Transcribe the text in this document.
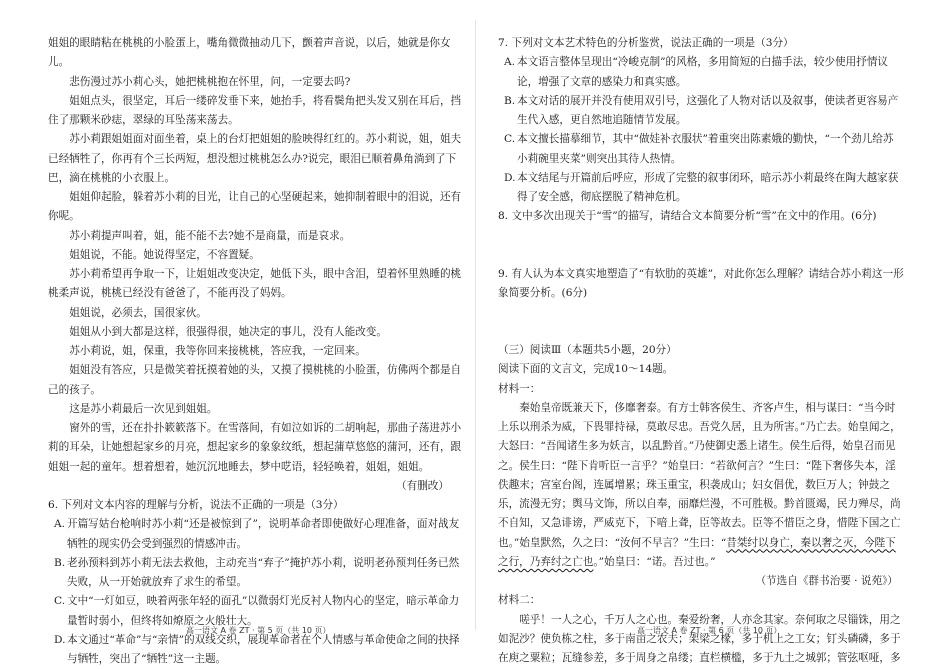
姐姐的眼睛粘在桃桃的小脸蛋上，嘴角微微抽动几下，颤着声音说，以后，她就是你女儿。

悲伤漫过苏小莉心头，她把桃桃抱在怀里，问，一定要去吗?

姐姐点头，很坚定，耳后一缕碎发垂下来，她抬手，将看鬓角把头发又别在耳后，挡住了那颗米砂痣，翠绿的耳坠荡来荡去。

苏小莉跟姐姐面对面坐着，桌上的台灯把姐姐的脸映得红红的。苏小莉说，姐，姐夫已经牺牲了，你再有个三长两短，想没想过桃桃怎么办?说完，眼泪已顺着鼻角淌到了下巴，滴在桃桃的小衣服上。

姐姐仰起脸，躲着苏小莉的目光，让自己的心坚硬起来，她抑制着眼中的泪说，还有你呢。

苏小莉提声叫着，姐，能不能不去?她不是商量，而是哀求。

姐姐说，不能。她说得坚定，不容置疑。

苏小莉希望再争取一下，让姐姐改变决定，她低下头，眼中含泪，望着怀里熟睡的桃桃柔声说，桃桃已经没有爸爸了，不能再没了妈妈。

姐姐说，必须去，国很家伙。

姐姐从小到大都是这样，很强得很，她决定的事儿，没有人能改变。

苏小莉说，姐，保重，我等你回来接桃桃，答应我，一定回来。

姐姐没有答应，只是微笑着抚摸着她的头，又摸了摸桃桃的小脸蛋，仿佛两个都是自己的孩子。

这是苏小莉最后一次见到姐姐。

窗外的雪，还在扑扑簌簌落下。在雪落间，有如泣如诉的二胡响起，那曲子荡进苏小莉的耳朵，让她想起家乡的月亮，想起家乡的象象纹纸，想起蒲草悠悠的蒲河，还有，跟姐姐一起的童年。想着想着，她沉沉地睡去，梦中呓语，轻轻唤着，姐姐，姐姐。

（有删改）

6. 下列对文本内容的理解与分析，说法不正确的一项是（3分）

A. 开篇写姑台枪响时苏小莉“还是被惊到了”，说明革命者即使做好心理准备，面对战友牺牲的现实仍会受到强烈的情感冲击。

B. 老孙预料到苏小莉无法去救他，主动充当“弃子”掩护苏小莉，说明老孙预判任务已然失败，从一开始就放弃了求生的希望。

C. 文中“一灯如豆，映着两张年轻的面孔”以微弱灯光反衬人物内心的坚定，暗示革命力量暂时弱小，但终将如燎原之火般壮大。

D. 本文通过“革命”与“亲情”的双线交织，展现革命者在个人情感与革命使命之间的抉择与牺牲，突出了“牺牲”这一主题。

7. 下列对文本艺术特色的分析鉴赏，说法正确的一项是（3分）

A. 本文语言整体呈现出“冷峻克制”的风格，多用简短的白描手法，较少使用抒情议论，增强了文章的感染力和真实感。

B. 本文对话的展开并没有使用双引号，这强化了人物对话以及叙事，使读者更容易产生代入感，更自然地追随情节发展。

C. 本文擅长描摹细节，其中“做娃补衣服状”着重突出陈素娥的勤快，“一个劲儿给苏小莉碗里夹菜”则突出其待人热情。

D. 本文结尾与开篇前后呼应，形成了完整的叙事闭环，暗示苏小莉最终在陶大越家获得了安全感，彻底摆脱了精神危机。

8. 文中多次出现关于“雪”的描写，请结合文本简要分析“雪”在文中的作用。(6分)

9. 有人认为本文真实地塑造了“有软肋的英雄”，对此你怎么理解？请结合苏小莉这一形象简要分析。(6分)

（三）阅读Ⅲ（本题共5小题，20分）

阅读下面的文言文，完成10～14题。

材料一：

秦始皇帝既兼天下，侈靡奢泰。有方士韩客侯生、齐客卢生，相与谋曰：“当今时上乐以刑杀为威，下畏罪持禄，莫敢尽忠。吾党久居，且为所害。”乃亡去。始皇闻之，大怒曰：“吾闻诸生多为妖言，以乱黔首。”乃使御史悉上诸生。侯生后得，始皇召而见之。侯生曰：“陛下肯听臣一言乎？”始皇曰：“若欲何言？”生曰：“陛下奢侈失本，淫佚趣末；宫室台阁，连属增累；珠玉重宝，积袭成山；妇女倡优，数巨万人；钟鼓之乐，流漫无穷；舆马文饰，所以自奉，丽靡烂漫，不可胜极。黔首匮竭，民力殚尽，尚不自知，又急诽谤，严威克下，下喑上聋，臣等故去。臣等不惜臣之身，惜陛下国之亡也。”始皇默然，久之曰：“汝何不早言？”生曰：“昔桀纣以身亡，秦以奢之灭，今陛下之行，乃弃纣之亡也。”始皇曰：“诺。吾过也。”

（节选自《群书治要 · 说苑》）

材料二：

嗟乎！一人之心，千万人之心也。秦爱纷奢，人亦念其家。奈何取之尽锱铢，用之如泥沙？使负栋之柱，多于南亩之农夫；架梁之椽，多于机上之工女；钉头磷磷，多于在庾之粟粒；瓦缝参差，多于周身之帛缕；直栏横槛，多于九土之城郭；管弦呕哑，多

高一语文 A 卷 ZT · 第 5 页（共 10 页）	高一语文 A 卷 ZT · 第 6 页（共 10 页）
